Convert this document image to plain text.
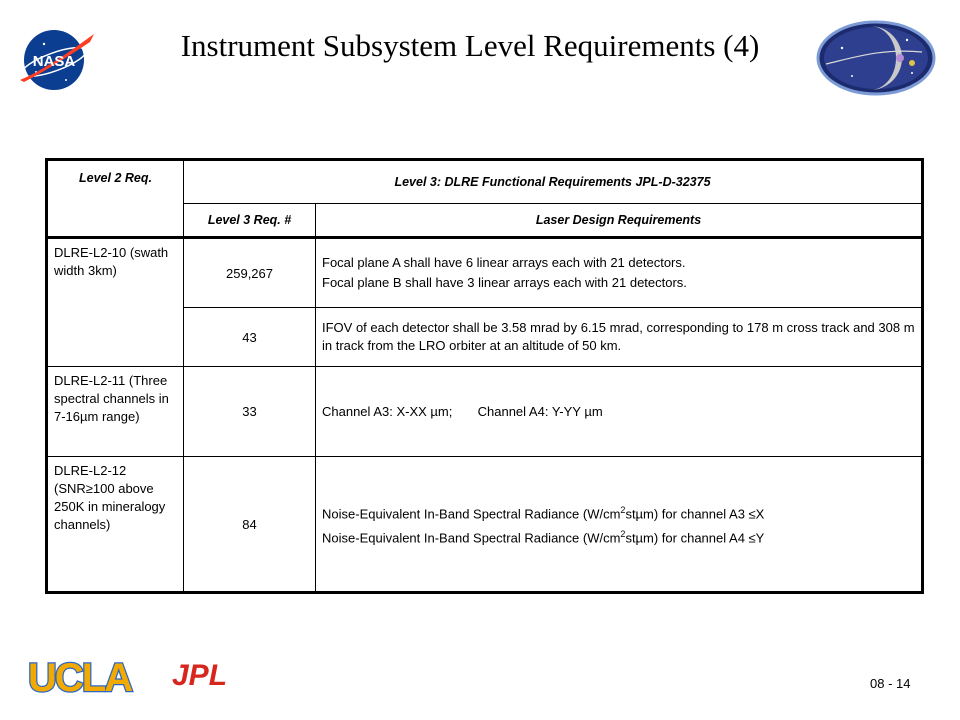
NASA	Instrument Subsystem Level Requirements (4)
Level 2 Req.	Level 3: DLRE Functional Requirements JPL-D-32375	
	Level 3 Req. #	Laser Design Requirements
DLRE-L2-10 (swath width 3km)	259,267	Focal plane A shall have 6 linear arrays each with 21 detectors.
Focal plane B shall have 3 linear arrays each with 21 detectors.

	43	IFOV of each detector shall be 3.58 mrad by 6.15 mrad, corresponding to 178 m cross track and 308 m in track from the LRO orbiter at an altitude of 50 km.
DLRE-L2-11 (Three spectral channels in 7-16µm range)	33	Channel A3: X-XX µm;       Channel A4: Y-YY µm
DLRE-L2-12 (SNR≥100 above 250K in mineralogy channels)	84	Noise-Equivalent In-Band Spectral Radiance $(W/cm^2st\mu m)$ for channel A3 ≤X
Noise-Equivalent In-Band Spectral Radiance $(W/cm^2st\mu m)$ for channel A4 ≤Y
UCLA JPL	08 - 14
